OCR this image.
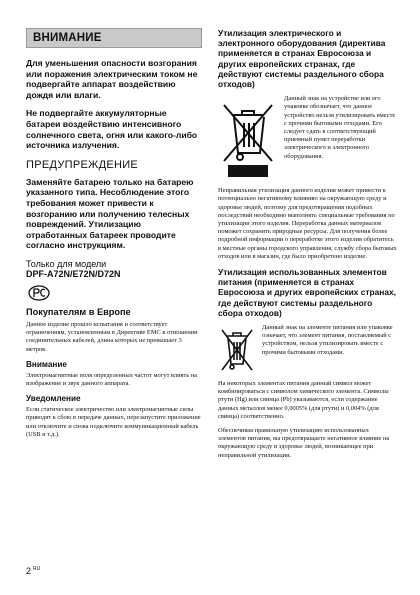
ВНИМАНИЕ

Для уменьшения опасности возгорания или поражения электрическим током не подвергайте аппарат воздействию дождя или влаги.

Не подвергайте аккумуляторные батареи воздействию интенсивного солнечного света, огня или какого-либо источника излучения.

ПРЕДУПРЕЖДЕНИЕ

Заменяйте батарею только на батарею указанного типа. Несоблюдение этого требования может привести к возгоранию или получению телесных повреждений. Утилизацию отработанных батареек проводите согласно инструкциям.

Только для модели
DPF-A72N/E72N/D72N
Покупателям в Европе

Данное изделие прошло испытания и соответствует ограничениям, установленным в Директиве EMC в отношении соединительных кабелей, длина которых не превышает 3 метров.

Внимание

Электромагнитные поля определенных частот могут влиять на изображение и звук данного аппарата.

Уведомление

Если статическое электричество или электромагнитные силы приводят к сбою в передаче данных, перезапустите приложение или отключите и снова подключите коммуникационный кабель (USB и т.д.).

Утилизация электрического и электронного оборудования (директива применяется в странах Евросоюза и других европейских странах, где действуют системы раздельного сбора отходов)

Данный знак на устройстве или его упаковке обозначает, что данное устройство нельзя утилизировать вместе с прочими бытовыми отходами. Его следует сдать в соответствующий приемный пункт переработки электрического и электронного оборудования.

Неправильная утилизация данного изделия может привести к потенциально негативному влиянию на окружающую среду и здоровье людей, поэтому для предотвращения подобных последствий необходимо выполнять специальные требования по утилизации этого изделия. Переработка данных материалов поможет сохранить природные ресурсы. Для получения более подробной информации о переработке этого изделия обратитесь в местные органы городского управления, службу сбора бытовых отходов или в магазин, где было приобретено изделие.

Утилизация использованных элементов питания (применяется в странах Евросоюза и других европейских странах, где действуют системы раздельного сбора отходов)

Данный знак на элементе питания или упаковке означает, что элемент питания, поставляемый с устройством, нельзя утилизировать вместе с прочими бытовыми отходами.

На некоторых элементах питания данный символ может комбинироваться с символом химического элемента. Символы ртути (Hg) или свинца (Pb) указываются, если содержание данных металлов менее 0,0005% (для ртути) и 0,004% (для свинца) соответственно.

Обеспечивая правильную утилизацию использованных элементов питания, вы предотвращаете негативное влияние на окружающую среду и здоровье людей, возникающее при неправильной утилизации.

2 $^{RU}$
